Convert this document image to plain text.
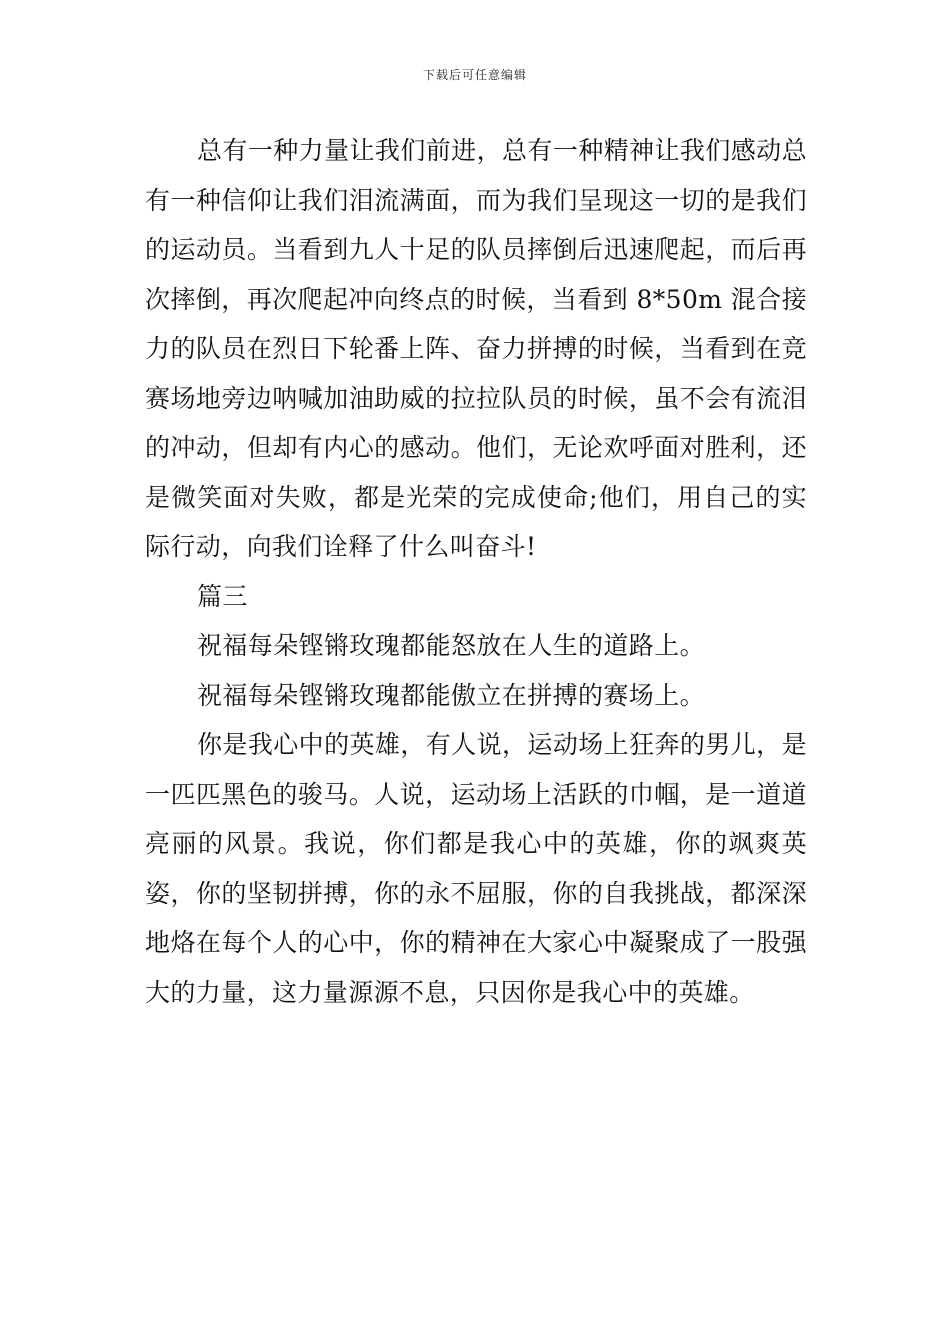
下载后可任意编辑

总有一种力量让我们前进，总有一种精神让我们感动总有一种信仰让我们泪流满面，而为我们呈现这一切的是我们的运动员。当看到九人十足的队员摔倒后迅速爬起，而后再次摔倒，再次爬起冲向终点的时候，当看到 8*50m 混合接力的队员在烈日下轮番上阵、奋力拼搏的时候，当看到在竞赛场地旁边呐喊加油助威的拉拉队员的时候，虽不会有流泪的冲动，但却有内心的感动。他们，无论欢呼面对胜利，还是微笑面对失败，都是光荣的完成使命;他们，用自己的实际行动，向我们诠释了什么叫奋斗!

篇三

祝福每朵铿锵玫瑰都能怒放在人生的道路上。

祝福每朵铿锵玫瑰都能傲立在拼搏的赛场上。

你是我心中的英雄，有人说，运动场上狂奔的男儿，是一匹匹黑色的骏马。人说，运动场上活跃的巾帼，是一道道亮丽的风景。我说，你们都是我心中的英雄，你的飒爽英姿，你的坚韧拼搏，你的永不屈服，你的自我挑战，都深深地烙在每个人的心中，你的精神在大家心中凝聚成了一股强大的力量，这力量源源不息，只因你是我心中的英雄。
